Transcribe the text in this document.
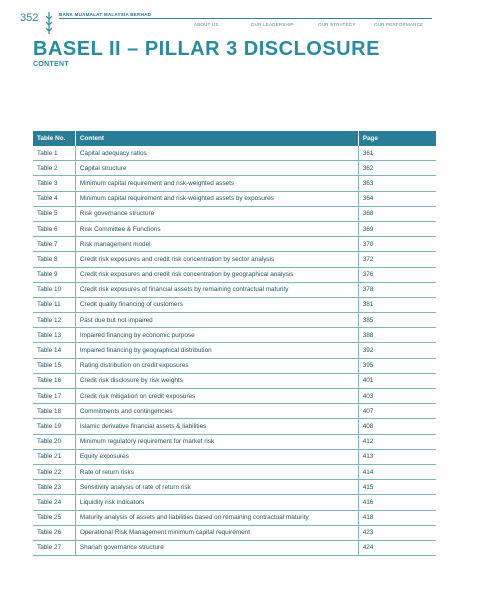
352	BANK MUAMALAT MALAYSIA BERHAD
ABOUT US	OUR LEADERSHIP	OUR STRATEGY	OUR PERFORMANCE
BASEL II – PILLAR 3 DISCLOSURE
CONTENT
Table No.	Content	Page
Table 1	Capital adequacy ratios	361
Table 2	Capital structure	362
Table 3	Minimum capital requirement and risk-weighted assets	363
Table 4	Minimum capital requirement and risk-weighted assets by exposures	364
Table 5	Risk governance structure	368
Table 6	Risk Committee & Functions	369
Table 7	Risk management model	370
Table 8	Credit risk exposures and credit risk concentration by sector analysis	372
Table 9	Credit risk exposures and credit risk concentration by geographical analysis	376
Table 10	Credit risk exposures of financial assets by remaining contractual maturity	378
Table 11	Credit quality financing of customers	381
Table 12	Past due but not impaired	385
Table 13	Impaired financing by economic purpose	388
Table 14	Impaired financing by geographical distribution	392
Table 15	Rating distribution on credit exposures	395
Table 16	Credit risk disclosure by risk weights	401
Table 17	Credit risk mitigation on credit exposures	403
Table 18	Commitments and contingencies	407
Table 19	Islamic derivative financial assets & liabilities	408
Table 20	Minimum regulatory requirement for market risk	412
Table 21	Equity exposures	413
Table 22	Rate of return risks	414
Table 23	Sensitivity analysis of rate of return risk	415
Table 24	Liquidity risk indicators	416
Table 25	Maturity analysis of assets and liabilities based on remaining contractual maturity	418
Table 26	Operational Risk Management minimum capital requirement	423
Table 27	Shariah governance structure	424
